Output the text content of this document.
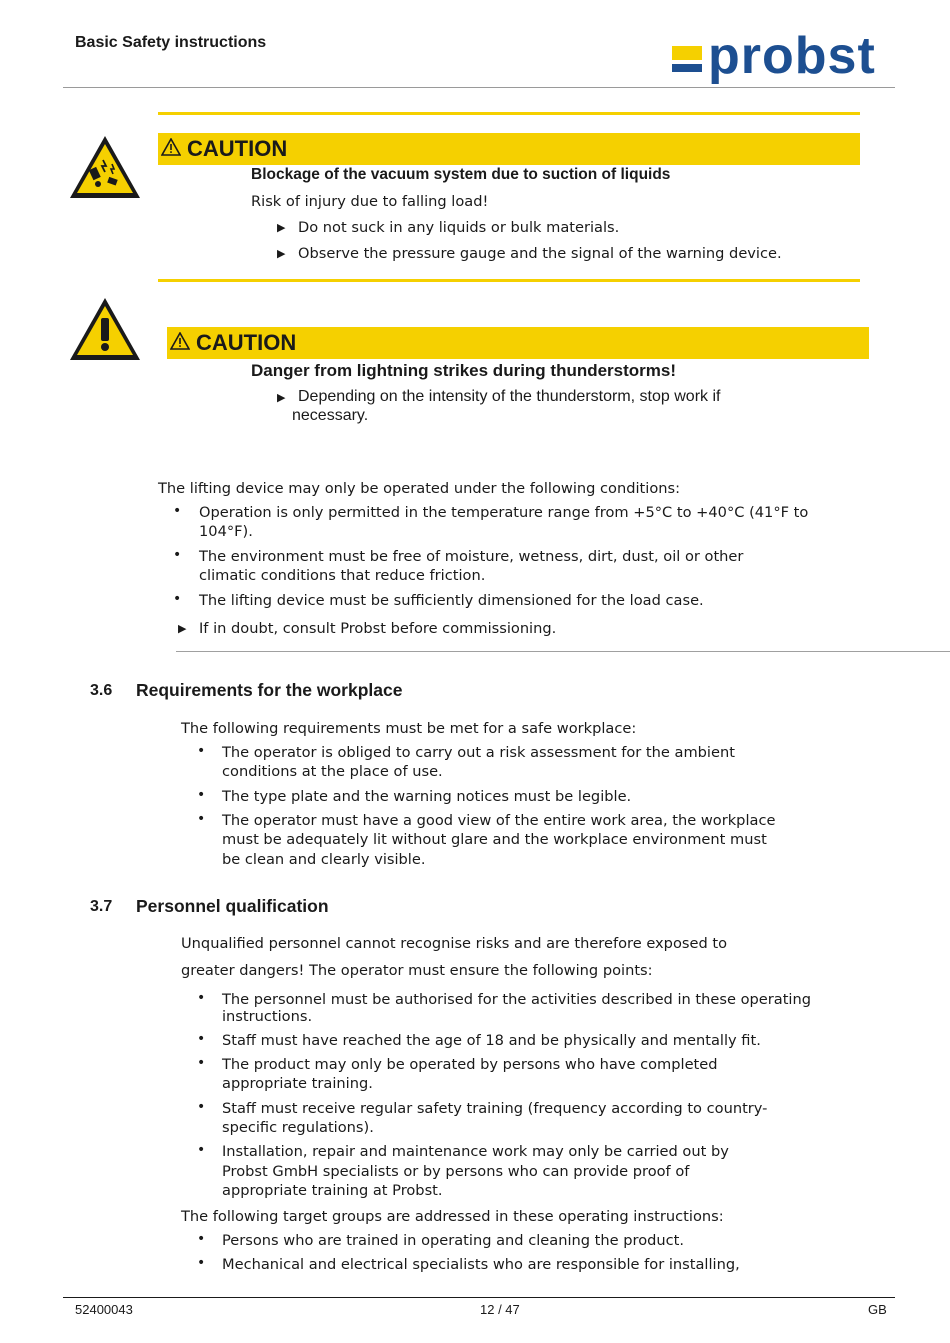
Basic Safety instructions	probst
CAUTION
Blockage of the vacuum system due to suction of liquids
Risk of injury due to falling load!
▶ Do not suck in any liquids or bulk materials.
▶ Observe the pressure gauge and the signal of the warning device.
CAUTION
Danger from lightning strikes during thunderstorms!
▶ Depending on the intensity of the thunderstorm, stop work if
necessary.
The lifting device may only be operated under the following conditions:
• Operation is only permitted in the temperature range from +5°C to +40°C (41°F to
104°F).
• The environment must be free of moisture, wetness, dirt, dust, oil or other
climatic conditions that reduce friction.
• The lifting device must be sufficiently dimensioned for the load case.
▶ If in doubt, consult Probst before commissioning.
3.6 Requirements for the workplace
The following requirements must be met for a safe workplace:
• The operator is obliged to carry out a risk assessment for the ambient
conditions at the place of use.
• The type plate and the warning notices must be legible.
• The operator must have a good view of the entire work area, the workplace
must be adequately lit without glare and the workplace environment must
be clean and clearly visible.
3.7 Personnel qualification
Unqualified personnel cannot recognise risks and are therefore exposed to
greater dangers! The operator must ensure the following points:
• The personnel must be authorised for the activities described in these operating
instructions.
• Staff must have reached the age of 18 and be physically and mentally fit.
• The product may only be operated by persons who have completed
appropriate training.
• Staff must receive regular safety training (frequency according to country-
specific regulations).
• Installation, repair and maintenance work may only be carried out by
Probst GmbH specialists or by persons who can provide proof of
appropriate training at Probst.
The following target groups are addressed in these operating instructions:
• Persons who are trained in operating and cleaning the product.
• Mechanical and electrical specialists who are responsible for installing,
52400043	12 / 47	GB
